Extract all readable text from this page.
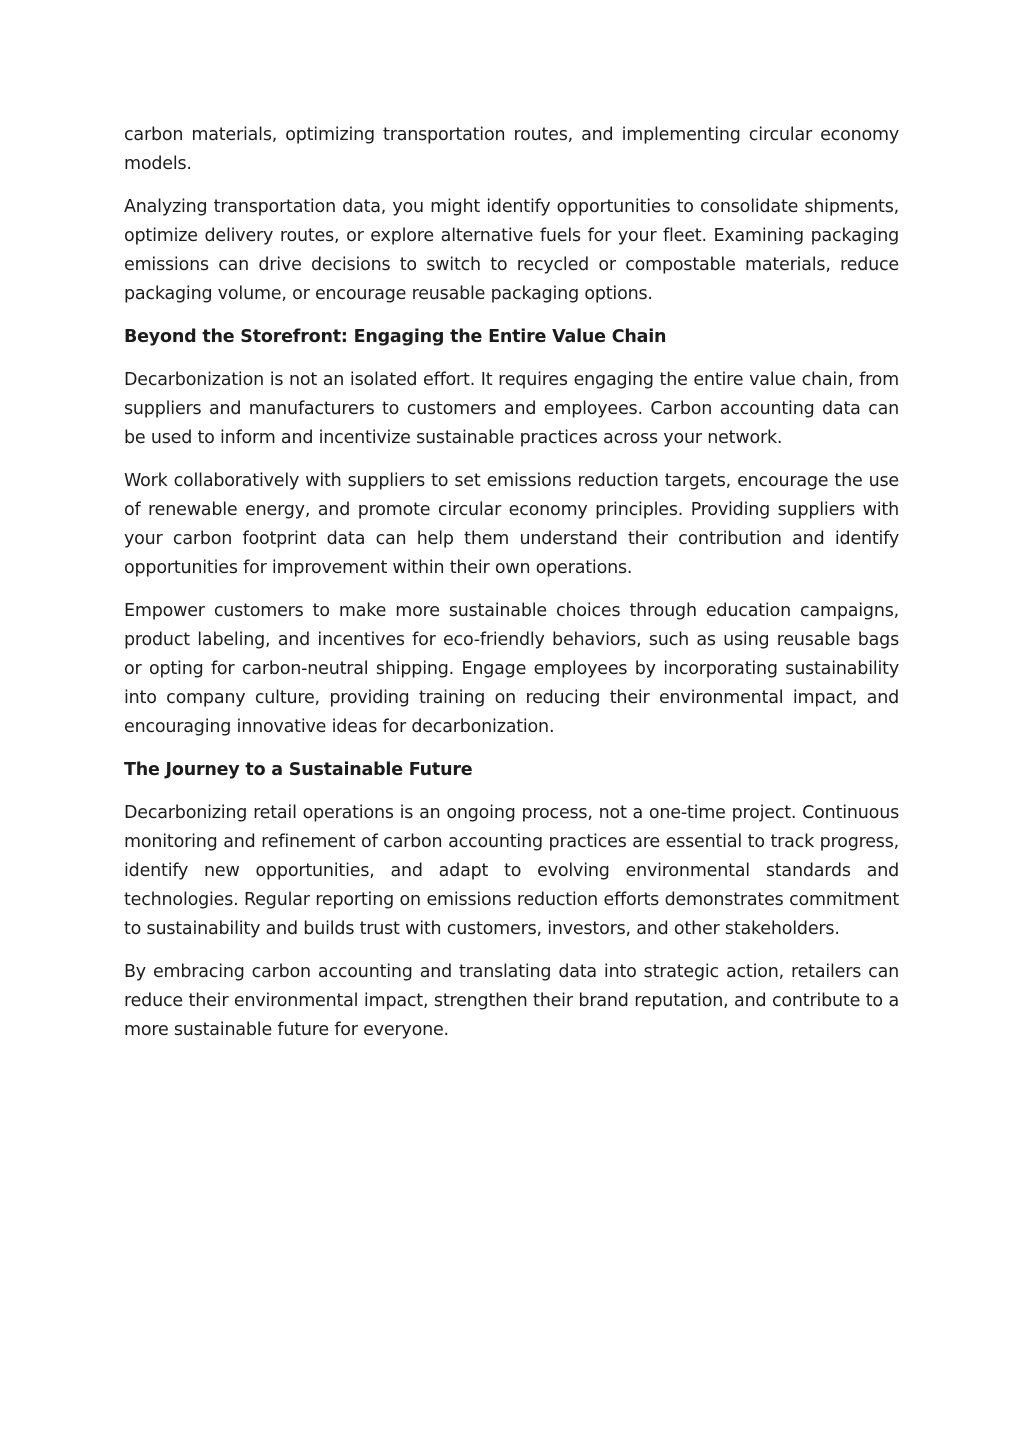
carbon materials, optimizing transportation routes, and implementing circular economy models.

Analyzing transportation data, you might identify opportunities to consolidate shipments, optimize delivery routes, or explore alternative fuels for your fleet. Examining packaging emissions can drive decisions to switch to recycled or compostable materials, reduce packaging volume, or encourage reusable packaging options.

Beyond the Storefront: Engaging the Entire Value Chain

Decarbonization is not an isolated effort. It requires engaging the entire value chain, from suppliers and manufacturers to customers and employees. Carbon accounting data can be used to inform and incentivize sustainable practices across your network.

Work collaboratively with suppliers to set emissions reduction targets, encourage the use of renewable energy, and promote circular economy principles. Providing suppliers with your carbon footprint data can help them understand their contribution and identify opportunities for improvement within their own operations.

Empower customers to make more sustainable choices through education campaigns, product labeling, and incentives for eco-friendly behaviors, such as using reusable bags or opting for carbon-neutral shipping. Engage employees by incorporating sustainability into company culture, providing training on reducing their environmental impact, and encouraging innovative ideas for decarbonization.

The Journey to a Sustainable Future

Decarbonizing retail operations is an ongoing process, not a one-time project. Continuous monitoring and refinement of carbon accounting practices are essential to track progress, identify new opportunities, and adapt to evolving environmental standards and technologies. Regular reporting on emissions reduction efforts demonstrates commitment to sustainability and builds trust with customers, investors, and other stakeholders.

By embracing carbon accounting and translating data into strategic action, retailers can reduce their environmental impact, strengthen their brand reputation, and contribute to a more sustainable future for everyone.
